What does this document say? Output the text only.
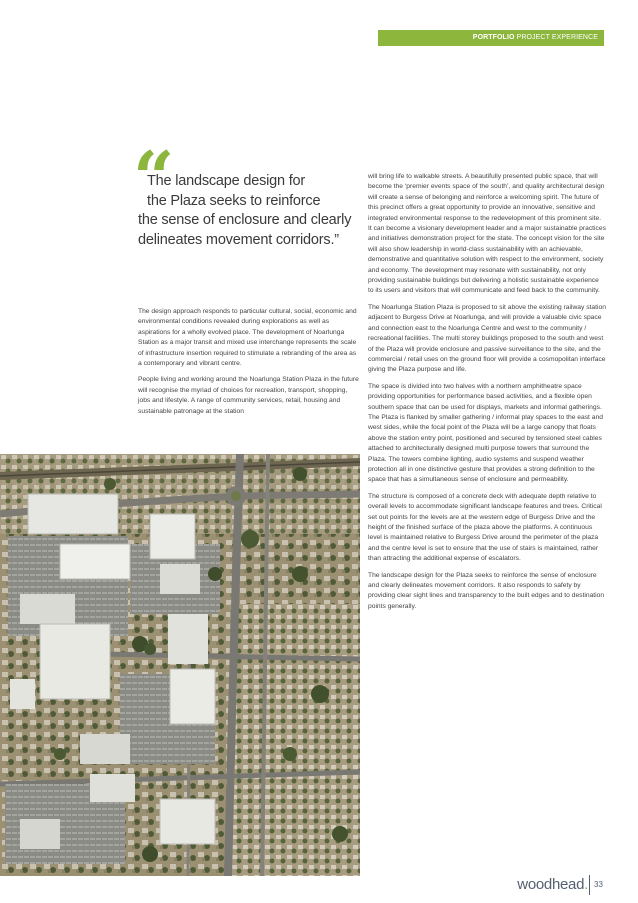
PORTFOLIO PROJECT EXPERIENCE
“
The landscape design for
the Plaza seeks to reinforce
the sense of enclosure and clearly
delineates movement corridors.”

The design approach responds to particular cultural, social, economic and environmental conditions revealed during explorations as well as aspirations for a wholly evolved place. The development of Noarlunga Station as a major transit and mixed use interchange represents the scale of infrastructure insertion required to stimulate a rebranding of the area as a contemporary and vibrant centre.

People living and working around the Noarlunga Station Plaza in the future will recognise the myriad of choices for recreation, transport, shopping, jobs and lifestyle. A range of community services, retail, housing and sustainable patronage at the station

will bring life to walkable streets. A beautifully presented public space, that will become the ‘premier events space of the south’, and quality architectural design will create a sense of belonging and reinforce a welcoming spirit. The future of this precinct offers a great opportunity to provide an innovative, sensitive and integrated environmental response to the redevelopment of this prominent site. It can become a visionary development leader and a major sustainable practices and initiatives demonstration project for the state. The concept vision for the site will also show leadership in world-class sustainability with an achievable, demonstrative and quantitative solution with respect to the environment, society and economy. The development may resonate with sustainability, not only providing sustainable buildings but delivering a holistic sustainable experience to its users and visitors that will communicate and feed back to the community.

The Noarlunga Station Plaza is proposed to sit above the existing railway station adjacent to Burgess Drive at Noarlunga, and will provide a valuable civic space and connection east to the Noarlunga Centre and west to the community / recreational facilities. The multi storey buildings proposed to the south and west of the Plaza will provide enclosure and passive surveillance to the site, and the commercial / retail uses on the ground floor will provide a cosmopolitan interface giving the Plaza purpose and life.

The space is divided into two halves with a northern amphitheatre space providing opportunities for performance based activities, and a flexible open southern space that can be used for displays, markets and informal gatherings. The Plaza is flanked by smaller gathering / informal play spaces to the east and west sides, while the focal point of the Plaza will be a large canopy that floats above the station entry point, positioned and secured by tensioned steel cables attached to architecturally designed multi purpose towers that surround the Plaza. The towers combine lighting, audio systems and suspend weather protection all in one distinctive gesture that provides a strong definition to the space that has a simultaneous sense of enclosure and permeability.

The structure is composed of a concrete deck with adequate depth relative to overall levels to accommodate significant landscape features and trees. Critical set out points for the levels are at the western edge of Burgess Drive and the height of the finished surface of the plaza above the platforms. A continuous level is maintained relative to Burgess Drive around the perimeter of the plaza and the centre level is set to ensure that the use of stairs is maintained, rather than attracting the additional expense of escalators.

The landscape design for the Plaza seeks to reinforce the sense of enclosure and clearly delineates movement corridors. It also responds to safety by providing clear sight lines and transparency to the built edges and to destination points generally.

woodhead. 33
